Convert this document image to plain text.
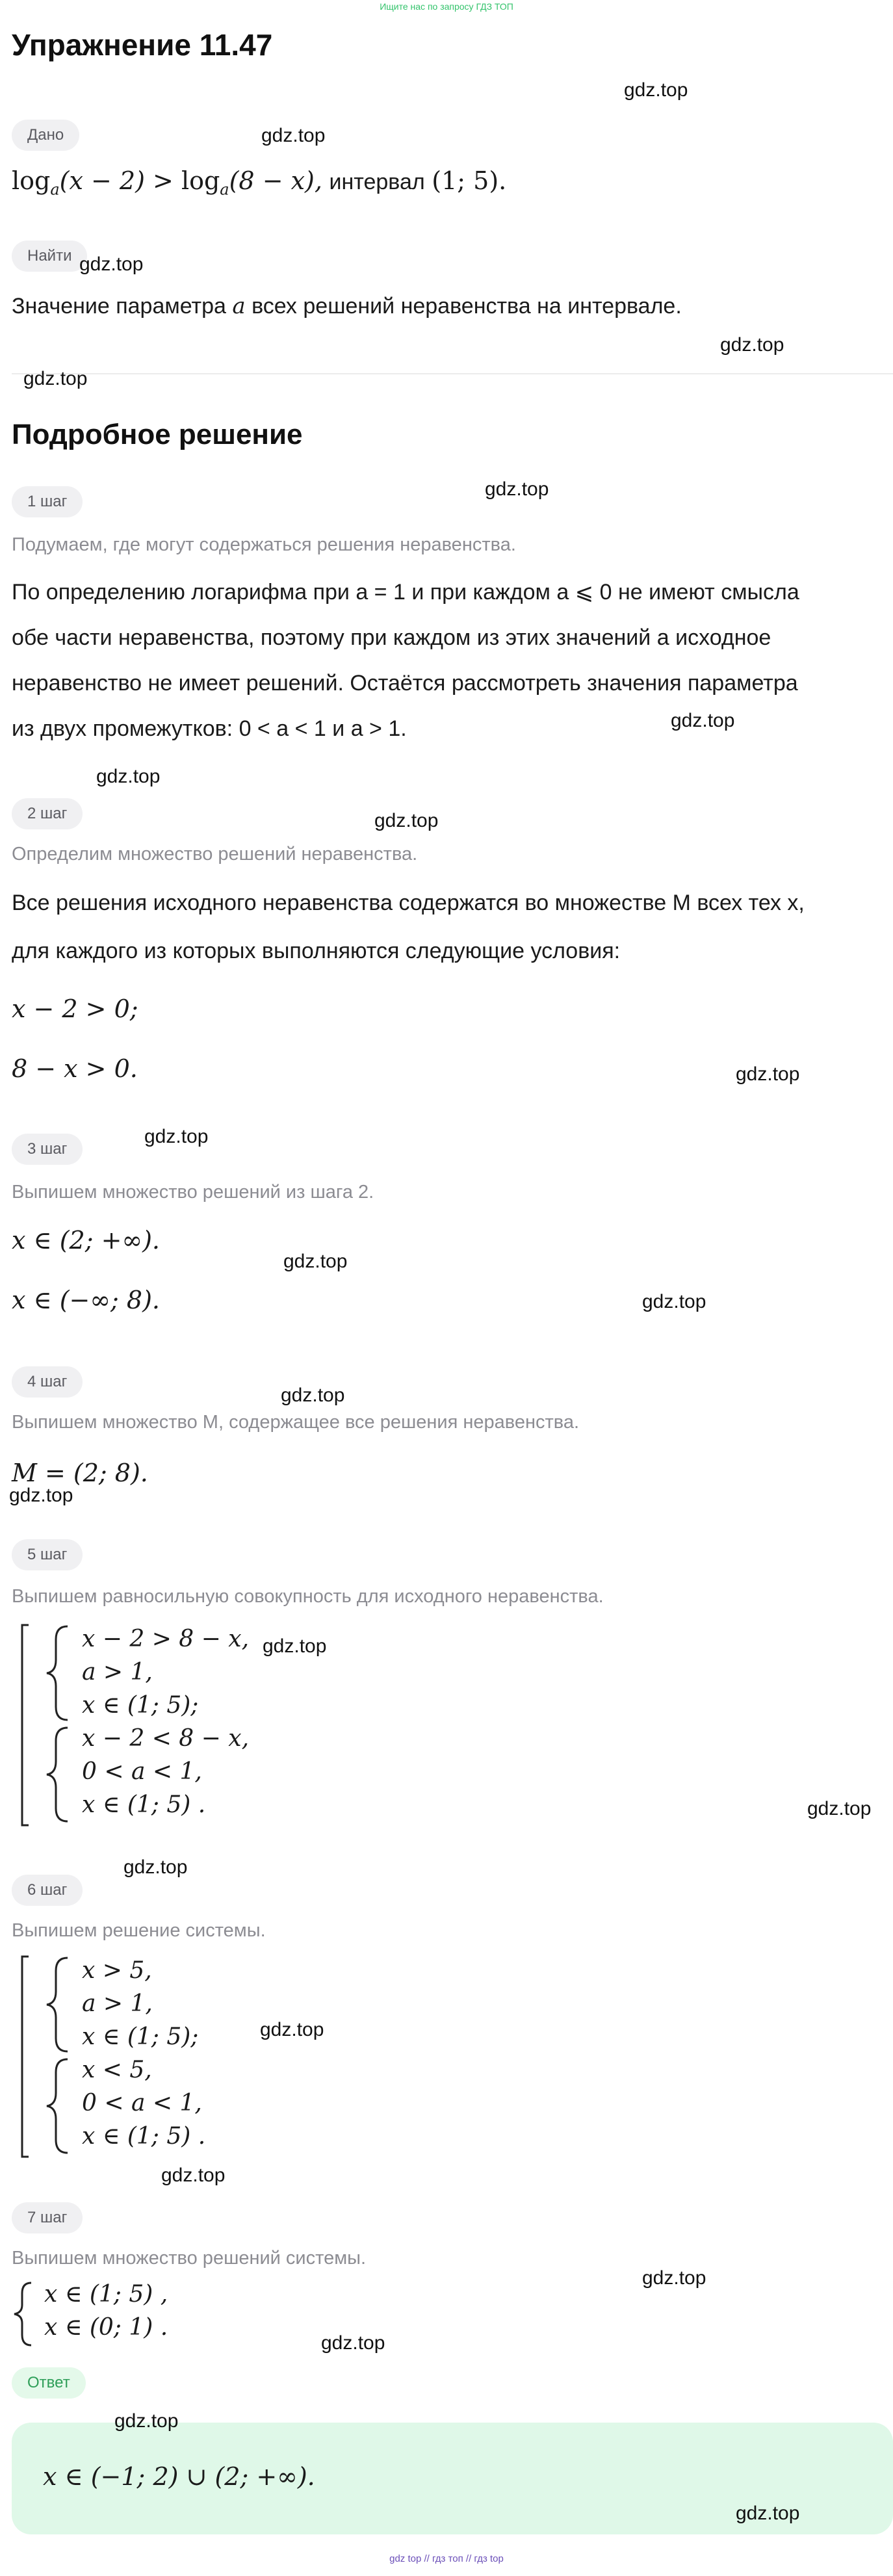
Ищите нас по запросу ГДЗ ТОП
Упражнение 11.47
Дано
$\log_a(x - 2) > \log_a(8 - x)$, интервал (1; 5).
Найти
Значение параметра a всех решений неравенства на интервале.
Подробное решение
1 шаг
Подумаем, где могут содержаться решения неравенства.
По определению логарифма при a = 1 и при каждом a ⩽ 0 не имеют смысла
обе части неравенства, поэтому при каждом из этих значений a исходное
неравенство не имеет решений. Остаётся рассмотреть значения параметра
из двух промежутков: 0 < a < 1 и a > 1.
2 шаг
Определим множество решений неравенства.
Все решения исходного неравенства содержатся во множестве M всех тех x,
для каждого из которых выполняются следующие условия:
x − 2 > 0;
8 − x > 0.
3 шаг
Выпишем множество решений из шага 2.
x ∈ (2; +∞).
x ∈ (−∞; 8).
4 шаг
Выпишем множество M, содержащее все решения неравенства.
M = (2; 8).
5 шаг
Выпишем равносильную совокупность для исходного неравенства.
x − 2 > 8 − x,
a > 1,
x ∈ (1; 5);
x − 2 < 8 − x,
0 < a < 1,
x ∈ (1; 5) .
6 шаг
Выпишем решение системы.
x > 5,
a > 1,
x ∈ (1; 5);
x < 5,
0 < a < 1,
x ∈ (1; 5) .
7 шаг
Выпишем множество решений системы.
x ∈ (1; 5) ,
x ∈ (0; 1) .
Ответ
x ∈ (−1; 2) ∪ (2; +∞).
gdz.top
gdz.top
gdz.top
gdz.top
gdz.top
gdz.top
gdz.top
gdz.top
gdz.top
gdz.top
gdz.top
gdz.top
gdz.top
gdz.top
gdz.top
gdz.top
gdz.top
gdz.top
gdz.top
gdz.top
gdz.top
gdz.top
gdz.top
gdz.top
gdz top // гдз топ // гдз top
